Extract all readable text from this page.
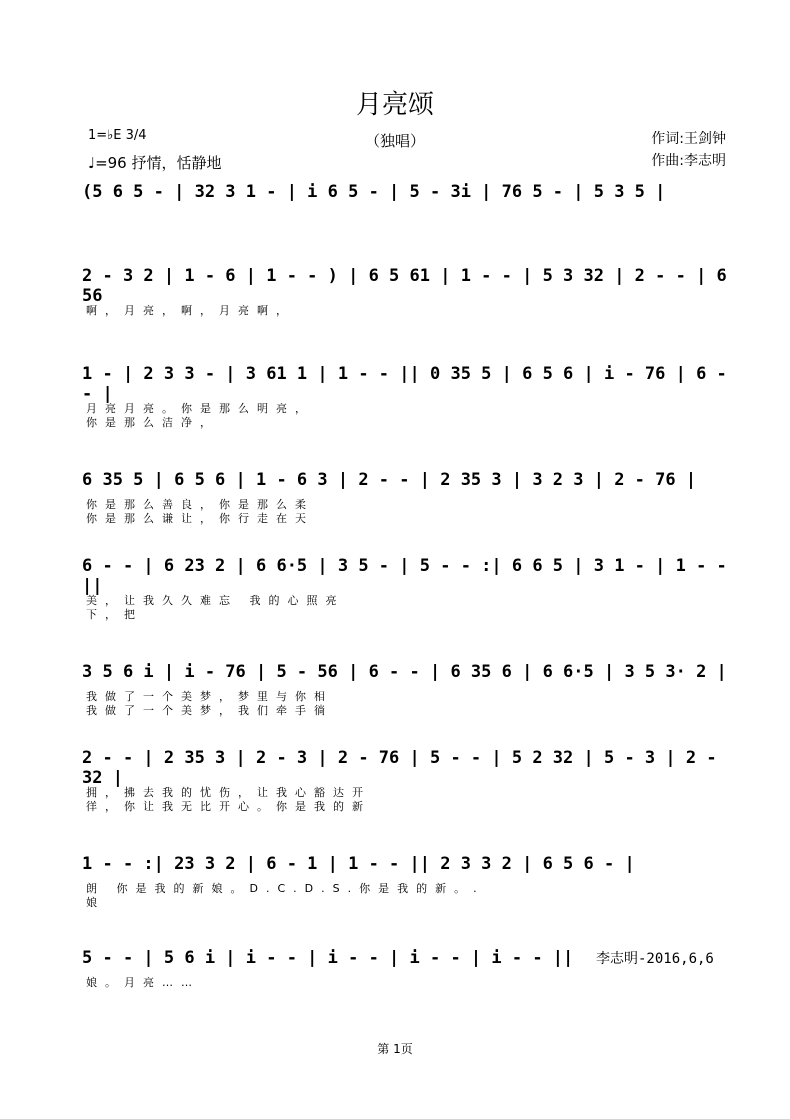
月亮颂
（独唱）
1=♭E 3/4
♩=96 抒情，恬静地
作词:王剑钟
作曲:李志明
(5 6 5 - | 32 3 1 - | i 6 5 - | 5 - 3i | 76 5 - | 5 3 5 |
2 - 3 2 | 1 - 6 | 1 - - ) | 6 5 61 | 1 - - | 5 3 32 | 2 - - | 6 56
啊，月亮，啊，月亮啊，
1 - | 2 3 3 - | 3 61 1 | 1 - - || 0 35 5 | 6 5 6 | i - 76 | 6 - - |
月亮月亮。你是那么明亮，
你是那么洁净，
6 35 5 | 6 5 6 | 1 - 6 3 | 2 - - | 2 35 3 | 3 2 3 | 2 - 76 |
你是那么善良，你是那么柔
你是那么谦让，你行走在天
6 - - | 6 23 2 | 6 6·5 | 3 5 - | 5 - - :| 6 6 5 | 3 1 - | 1 - - ||
美，让我久久难忘 我的心照亮
下，把
3 5 6 i | i - 76 | 5 - 56 | 6 - - | 6 35 6 | 6 6·5 | 3 5 3· 2 |
我做了一个美梦，梦里与你相
我做了一个美梦，我们牵手徜
2 - - | 2 35 3 | 2 - 3 | 2 - 76 | 5 - - | 5 2 32 | 5 - 3 | 2 - 32 |
拥，拂去我的忧伤，让我心豁达开
徉，你让我无比开心。你是我的新
1 - - :| 23 3 2 | 6 - 1 | 1 - - || 2 3 3 2 | 6 5 6 - |
朗 你是我的新娘。D.C.D.S.你是我的新。.
娘
5 - - | 5 6 i | i - - | i - - | i - - | i - - ||
娘。月亮……
李志明-2016,6,6
第 1页
